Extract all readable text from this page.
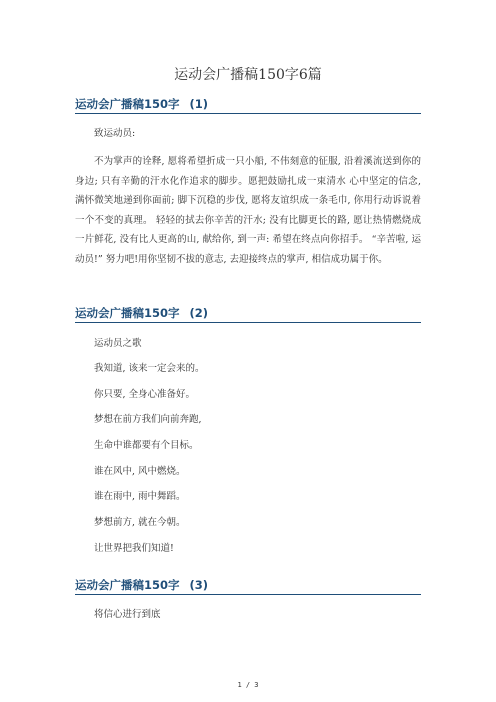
运动会广播稿150字6篇
运动会广播稿150字 (1)
致运动员:
不为掌声的诠释, 愿将希望折成一只小船, 不伟刻意的征服, 沿着溪流送到你的身边; 只有辛勤的汗水化作追求的脚步。愿把鼓励扎成一束清水 心中坚定的信念, 满怀微笑地递到你面前; 脚下沉稳的步伐, 愿将友谊织成一条毛巾, 你用行动诉说着一个不变的真理。 轻轻的拭去你辛苦的汗水; 没有比脚更长的路, 愿让热情燃烧成一片鲜花, 没有比人更高的山, 献给你, 到一声: 希望在终点向你招手。 “辛苦啦, 运动员!” 努力吧!用你坚韧不拔的意志, 去迎接终点的掌声, 相信成功属于你。
运动会广播稿150字 (2)
运动员之歌
我知道, 该来一定会来的。
你只要, 全身心准备好。
梦想在前方我们向前奔跑,
生命中谁都要有个目标。
谁在风中, 风中燃烧。
谁在雨中, 雨中舞蹈。
梦想前方, 就在今朝。
让世界把我们知道!
运动会广播稿150字 (3)
将信心进行到底
1 / 3
